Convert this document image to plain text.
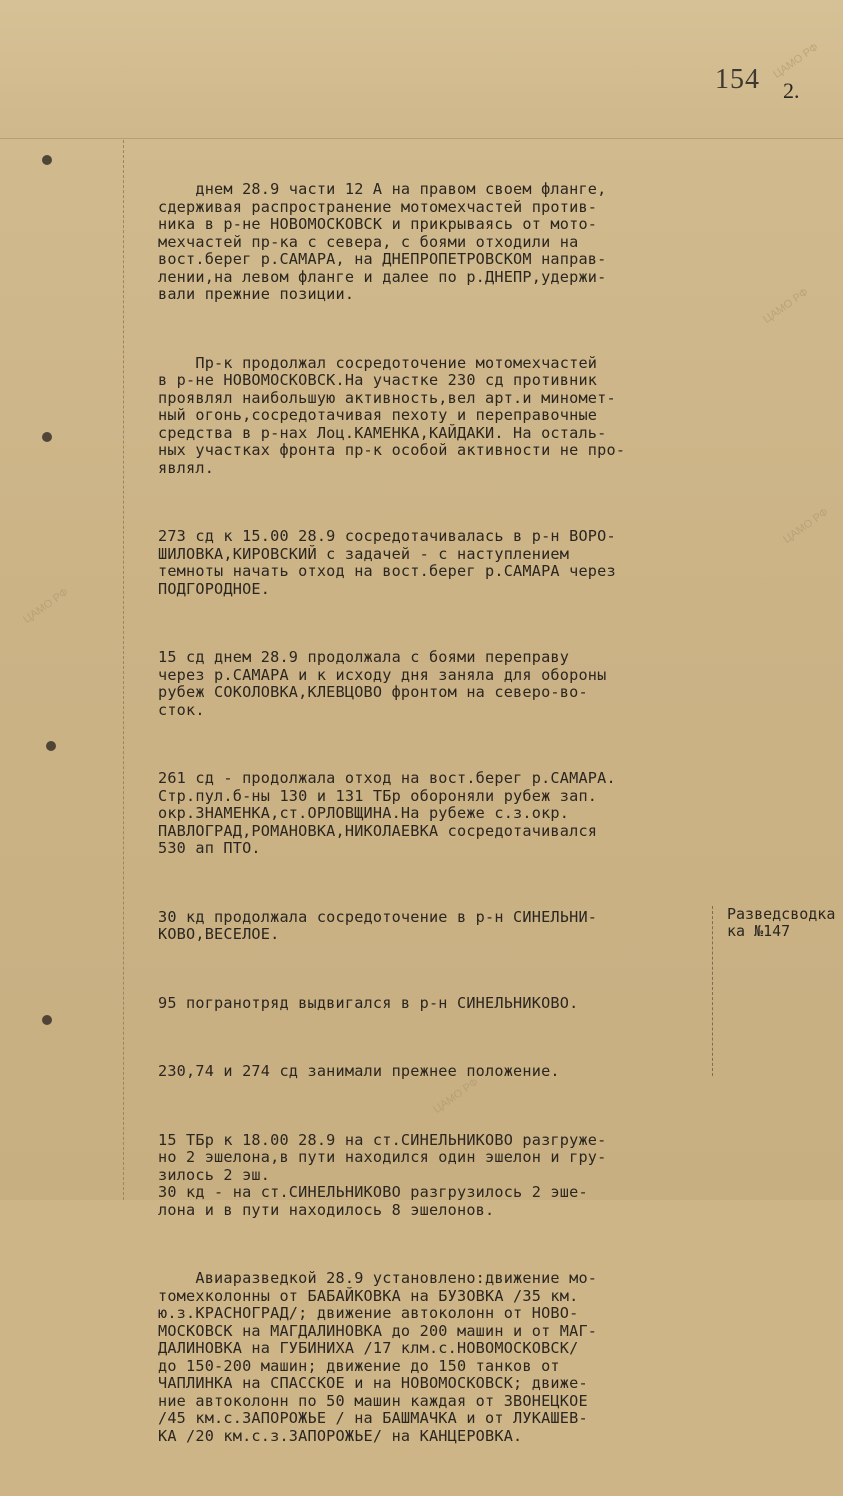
154 2.
ЦАМО РФ
ЦАМО РФ
ЦАМО РФ
ЦАМО РФ
ЦАМО РФ

днем 28.9 части 12 А на правом своем фланге,
сдерживая распространение мотомехчастей против-
ника в р-не НОВОМОСКОВСК и прикрываясь от мото-
мехчастей пр-ка с севера, с боями отходили на
вост.берег р.САМАРА, на ДНЕПРОПЕТРОВСКОМ направ-
лении,на левом фланге и далее по р.ДНЕПР,удержи-
вали прежние позиции.

Пр-к продолжал сосредоточение мотомехчастей
в р-не НОВОМОСКОВСК.На участке 230 сд противник
проявлял наибольшую активность,вел арт.и миномет-
ный огонь,сосредотачивая пехоту и переправочные
средства в р-нах Лоц.КАМЕНКА,КАЙДАКИ. На осталь-
ных участках фронта пр-к особой активности не про-
являл.

273 сд к 15.00 28.9 сосредотачивалась в р-н ВОРО-
ШИЛОВКА,КИРОВСКИЙ с задачей - с наступлением
темноты начать отход на вост.берег р.САМАРА через
ПОДГОРОДНОЕ.

15 сд днем 28.9 продолжала с боями переправу
через р.САМАРА и к исходу дня заняла для обороны
рубеж СОКОЛОВКА,КЛЕВЦОВО фронтом на северо-во-
сток.

261 сд - продолжала отход на вост.берег р.САМАРА.
Стр.пул.б-ны 130 и 131 ТБр обороняли рубеж зап.
окр.ЗНАМЕНКА,ст.ОРЛОВЩИНА.На рубеже с.з.окр.
ПАВЛОГРАД,РОМАНОВКА,НИКОЛАЕВКА сосредотачивался
530 ап ПТО.

30 кд продолжала сосредоточение в р-н СИНЕЛЬНИ-
КОВО,ВЕСЕЛОЕ.

95 погранотряд выдвигался в р-н СИНЕЛЬНИКОВО.

230,74 и 274 сд занимали прежнее положение.

15 ТБр к 18.00 28.9 на ст.СИНЕЛЬНИКОВО разгруже-
но 2 эшелона,в пути находился один эшелон и гру-
зилось 2 эш.
30 кд - на ст.СИНЕЛЬНИКОВО разгрузилось 2 эше-
лона и в пути находилось 8 эшелонов.

Авиаразведкой 28.9 установлено:движение мо-
томехколонны от БАБАЙКОВКА на БУЗОВКА /35 км.
ю.з.КРАСНОГРАД/; движение автоколонн от НОВО-
МОСКОВСК на МАГДАЛИНОВКА до 200 машин и от МАГ-
ДАЛИНОВКА на ГУБИНИХА /17 клм.с.НОВОМОСКОВСК/
до 150-200 машин; движение до 150 танков от
ЧАПЛИНКА на СПАССКОЕ и на НОВОМОСКОВСК; движе-
ние автоколонн по 50 машин каждая от ЗВОНЕЦКОЕ
/45 км.с.ЗАПОРОЖЬЕ / на БАШМАЧКА и от ЛУКАШЕВ-
КА /20 км.с.з.ЗАПОРОЖЬЕ/ на КАНЦЕРОВКА.

Разведсводка
ка №147
